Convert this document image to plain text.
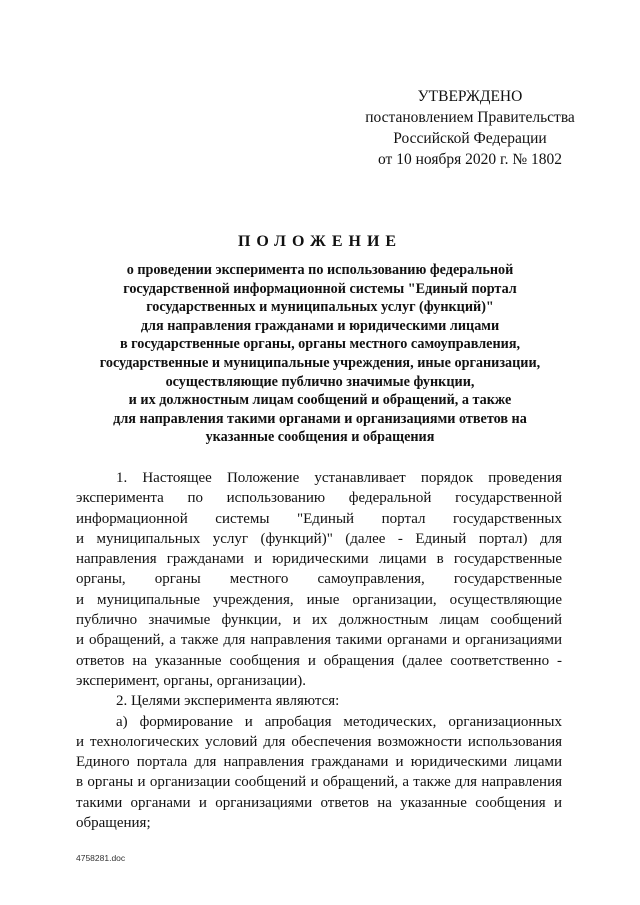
УТВЕРЖДЕНО
постановлением Правительства
Российской Федерации
от 10 ноября 2020 г. № 1802
ПОЛОЖЕНИЕ
о проведении эксперимента по использованию федеральной
государственной информационной системы "Единый портал
государственных и муниципальных услуг (функций)"
для направления гражданами и юридическими лицами
в государственные органы, органы местного самоуправления,
государственные и муниципальные учреждения, иные организации,
осуществляющие публично значимые функции,
и их должностным лицам сообщений и обращений, а также
для направления такими органами и организациями ответов на
указанные сообщения и обращения
1. Настоящее Положение устанавливает порядок проведения
эксперимента по использованию федеральной государственной
информационной системы "Единый портал государственных
и муниципальных услуг (функций)" (далее - Единый портал) для
направления гражданами и юридическими лицами в государственные
органы, органы местного самоуправления, государственные
и муниципальные учреждения, иные организации, осуществляющие
публично значимые функции, и их должностным лицам сообщений
и обращений, а также для направления такими органами и организациями
ответов на указанные сообщения и обращения (далее соответственно -
эксперимент, органы, организации).
2. Целями эксперимента являются:
а) формирование и апробация методических, организационных
и технологических условий для обеспечения возможности использования
Единого портала для направления гражданами и юридическими лицами
в органы и организации сообщений и обращений, а также для направления
такими органами и организациями ответов на указанные сообщения и
обращения;
4758281.doc
